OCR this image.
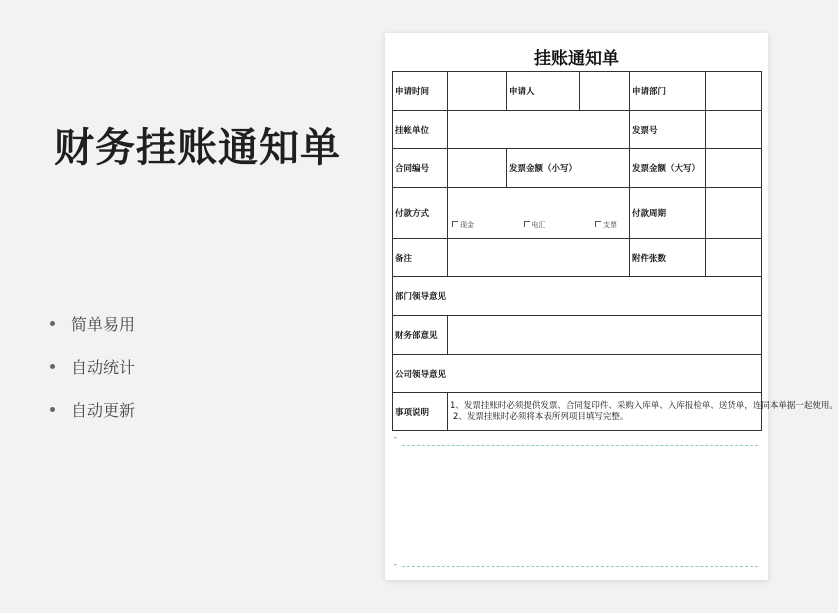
财务挂账通知单
简单易用
自动统计
自动更新
挂账通知单
申请时间		申请人		申请部门	
挂帐单位				发票号	
合同编号		发票金额（小写）		发票金额（大写）	
付款方式	现金 电汇 支票			付款周期	
备注				附件张数	
部门领导意见					
财务部意见					
公司领导意见					
事项说明	1、发票挂账时必须提供发票、合同复印件、采购入库单、入库报检单、送货单，连同本单据一起使用。
2、发票挂账时必须将本表所列项目填写完整。				
-
-
